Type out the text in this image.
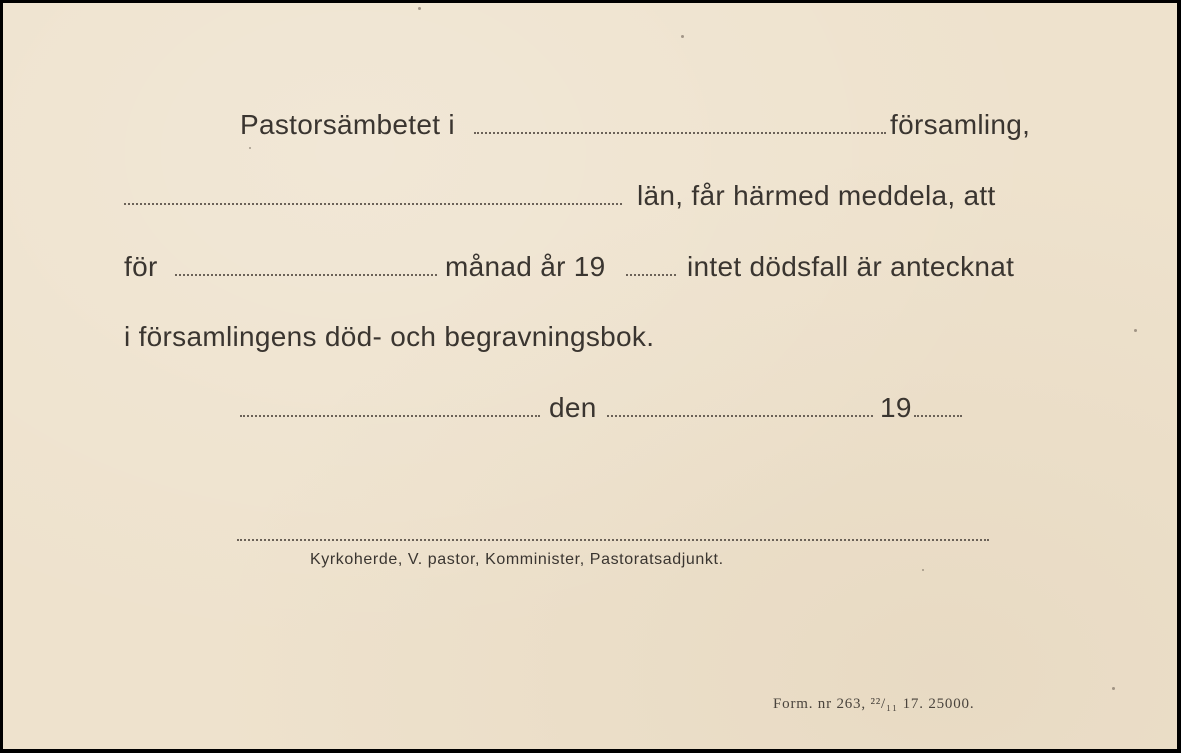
Pastorsämbetet i	församling,
län, får härmed meddela, att
för	månad år 19	intet dödsfall är antecknat
i församlingens död- och begravningsbok.
den	19
Kyrkoherde, V. pastor, Komminister, Pastoratsadjunkt.
Form. nr 263, ²²/₁₁ 17. 25000.
